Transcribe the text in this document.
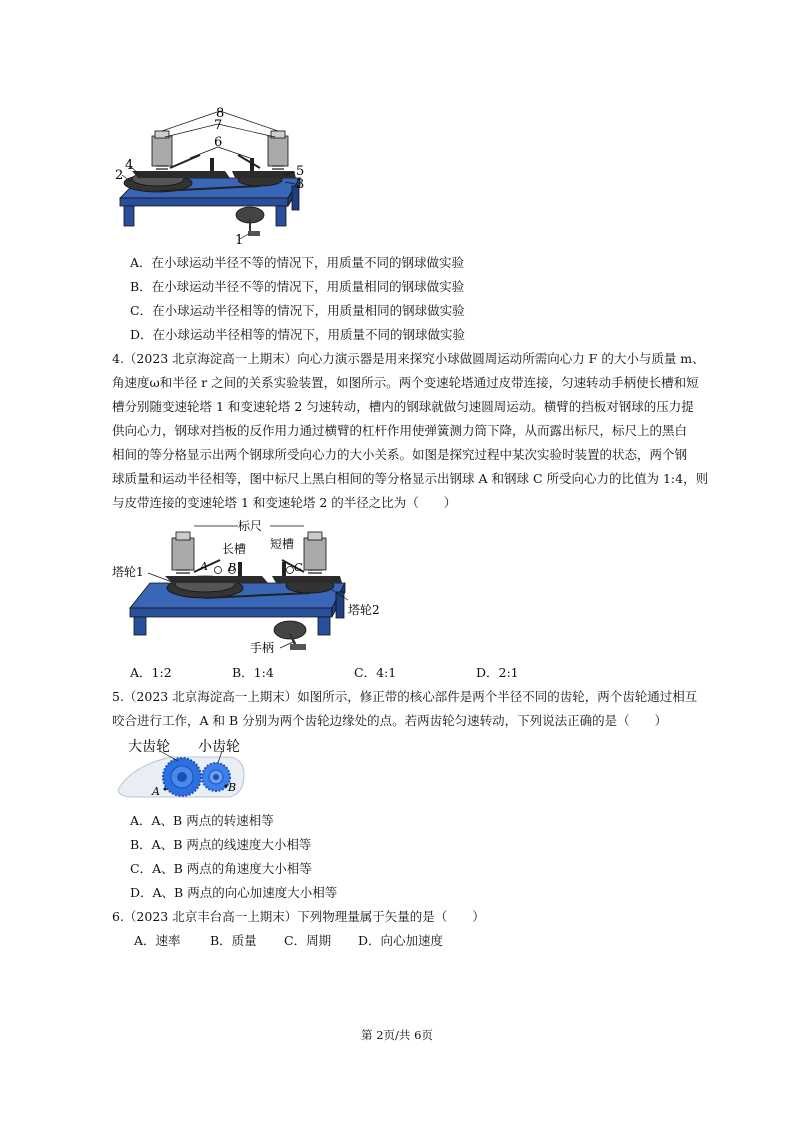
8
7
6
4
2	5
3
1
A．在小球运动半径不等的情况下，用质量不同的钢球做实验
B．在小球运动半径不等的情况下，用质量相同的钢球做实验
C．在小球运动半径相等的情况下，用质量相同的钢球做实验
D．在小球运动半径相等的情况下，用质量不同的钢球做实验
4.（2023 北京海淀高一上期末）向心力演示器是用来探究小球做圆周运动所需向心力 F 的大小与质量 m、
角速度ω和半径 r 之间的关系实验装置，如图所示。两个变速轮塔通过皮带连接，匀速转动手柄使长槽和短
槽分别随变速轮塔 1 和变速轮塔 2 匀速转动，槽内的钢球就做匀速圆周运动。横臂的挡板对钢球的压力提
供向心力，钢球对挡板的反作用力通过横臂的杠杆作用使弹簧测力筒下降，从而露出标尺，标尺上的黑白
相间的等分格显示出两个钢球所受向心力的大小关系。如图是探究过程中某次实验时装置的状态，两个钢
球质量和运动半径相等，图中标尺上黑白相间的等分格显示出钢球 A 和钢球 C 所受向心力的比值为 1:4，则
与皮带连接的变速轮塔 1 和变速轮塔 2 的半径之比为（　　）
标尺
长槽 短槽
塔轮1
塔轮2
手柄
A B	C
A．1:2	B．1:4	C．4:1	D．2:1
5.（2023 北京海淀高一上期末）如图所示，修正带的核心部件是两个半径不同的齿轮，两个齿轮通过相互
咬合进行工作，A 和 B 分别为两个齿轮边缘处的点。若两齿轮匀速转动，下列说法正确的是（　　）
大齿轮 小齿轮
A	B
A．A、B 两点的转速相等
B．A、B 两点的线速度大小相等
C．A、B 两点的角速度大小相等
D．A、B 两点的向心加速度大小相等
6.（2023 北京丰台高一上期末）下列物理量属于矢量的是（　　）
A．速率 B．质量 C．周期 D．向心加速度
第 2页/共 6页
